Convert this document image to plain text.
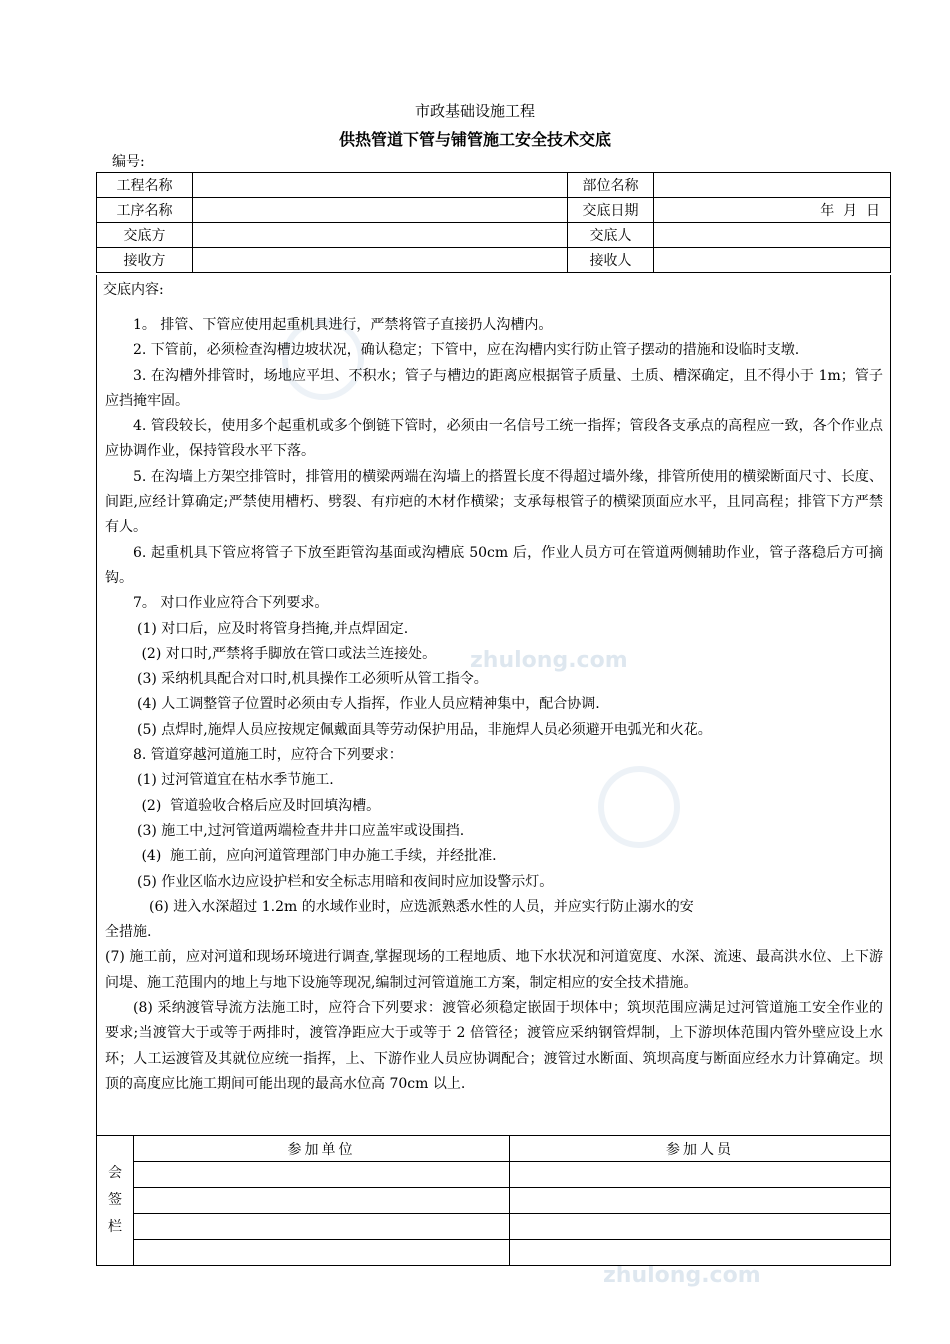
zhulong.com
zhulong.com
市政基础设施工程
供热管道下管与铺管施工安全技术交底
编号:
工程名称		部位名称	
工序名称		交底日期	年  月  日
交底方		交底人	
接收方		接收人	
交底内容:

1。 排管、下管应使用起重机具进行，严禁将管子直接扔人沟槽内。

2. 下管前，必须检查沟槽边坡状况，确认稳定；下管中，应在沟槽内实行防止管子摆动的措施和设临时支墩.

3. 在沟槽外排管时，场地应平坦、不积水；管子与槽边的距离应根据管子质量、土质、槽深确定，且不得小于 1m；管子应挡掩牢固。

4. 管段较长，使用多个起重机或多个倒链下管时，必须由一名信号工统一指挥；管段各支承点的高程应一致，各个作业点应协调作业，保持管段水平下落。

5. 在沟墙上方架空排管时，排管用的横梁两端在沟墙上的搭置长度不得超过墙外缘，排管所使用的横梁断面尺寸、长度、间距,应经计算确定;严禁使用槽朽、劈裂、有疖疤的木材作横梁；支承每根管子的横梁顶面应水平，且同高程；排管下方严禁有人。

6. 起重机具下管应将管子下放至距管沟基面或沟槽底 50cm 后，作业人员方可在管道两侧辅助作业，管子落稳后方可摘钩。

7。 对口作业应符合下列要求。

(1) 对口后，应及时将管身挡掩,并点焊固定.

(2) 对口时,严禁将手脚放在管口或法兰连接处。

(3) 采纳机具配合对口时,机具操作工必须听从管工指令。

(4) 人工调整管子位置时必须由专人指挥，作业人员应精神集中，配合协调.

(5) 点焊时,施焊人员应按规定佩戴面具等劳动保护用品，非施焊人员必须避开电弧光和火花。

8. 管道穿越河道施工时，应符合下列要求：

(1) 过河管道宜在枯水季节施工.

(2)  管道验收合格后应及时回填沟槽。

(3) 施工中,过河管道两端检查井井口应盖牢或设围挡.

(4)  施工前，应向河道管理部门申办施工手续，并经批准.

(5) 作业区临水边应设护栏和安全标志用暗和夜间时应加设警示灯。

(6) 进入水深超过 1.2m 的水域作业时，应选派熟悉水性的人员，并应实行防止溺水的安

全措施.

(7) 施工前，应对河道和现场环境进行调查,掌握现场的工程地质、地下水状况和河道宽度、水深、流速、最高洪水位、上下游问堤、施工范围内的地上与地下设施等现况,编制过河管道施工方案，制定相应的安全技术措施。

(8) 采纳渡管导流方法施工时，应符合下列要求：渡管必须稳定嵌固于坝体中；筑坝范围应满足过河管道施工安全作业的要求;当渡管大于或等于两排时，渡管净距应大于或等于 2 倍管径；渡管应采纳钢管焊制，上下游坝体范围内管外壁应设上水环；人工运渡管及其就位应统一指挥，上、下游作业人员应协调配合；渡管过水断面、筑坝高度与断面应经水力计算确定。坝顶的高度应比施工期间可能出现的最高水位高 70cm 以上.

会
签
栏	参加单位	参加人员
